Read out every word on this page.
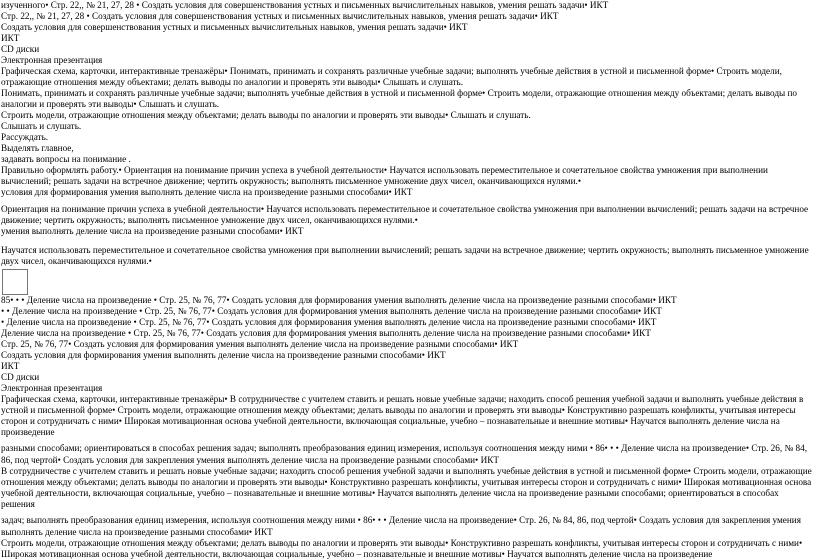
изученного• Стр. 22,, № 21, 27, 28 • Создать условия для совершенствования устных и письменных вычислительных навыков, умения решать задачи• ИКТ
Стр. 22,, № 21, 27, 28 • Создать условия для совершенствования устных и письменных вычислительных навыков, умения решать задачи• ИКТ
Создать условия для совершенствования устных и письменных вычислительных навыков, умения решать задачи• ИКТ
ИКТ
CD диски
Электронная презентация
Графическая схема, карточки, интерактивные тренажёры• Понимать, принимать и сохранять различные учебные задачи; выполнять учебные действия в устной и письменной форме• Строить модели, отражающие отношения между объектами; делать выводы по аналогии и проверять эти выводы• Слышать и слушать.
Понимать, принимать и сохранять различные учебные задачи; выполнять учебные действия в устной и письменной форме• Строить модели, отражающие отношения между объектами; делать выводы по аналогии и проверять эти выводы• Слышать и слушать.
Строить модели, отражающие отношения между объектами; делать выводы по аналогии и проверять эти выводы• Слышать и слушать.
Слышать и слушать.
Рассуждать.
Выделять главное,
задавать вопросы на понимание .
Правильно оформлять работу.• Ориентация на понимание причин успеха в учебной деятельности• Научатся использовать переместительное и сочетательное свойства умножения при выполнении вычислений; решать задачи на встречное движение; чертить окружность; выполнять письменное умножение двух чисел, оканчивающихся нулями.•
условия для формирования умения выполнять деление числа на произведение разными способами• ИКТ
Ориентация на понимание причин успеха в учебной деятельности• Научатся использовать переместительное и сочетательное свойства умножения при выполнении вычислений; решать задачи на встречное движение; чертить окружность; выполнять письменное умножение двух чисел, оканчивающихся нулями.•
умения выполнять деление числа на произведение разными способами• ИКТ
Научатся использовать переместительное и сочетательное свойства умножения при выполнении вычислений; решать задачи на встречное движение; чертить окружность; выполнять письменное умножение двух чисел, оканчивающихся нулями.•
85• • • Деление числа на произведение • Стр. 25, № 76, 77• Создать условия для формирования умения выполнять деление числа на произведение разными способами• ИКТ
• • Деление числа на произведение • Стр. 25, № 76, 77• Создать условия для формирования умения выполнять деление числа на произведение разными способами• ИКТ
• Деление числа на произведение • Стр. 25, № 76, 77• Создать условия для формирования умения выполнять деление числа на произведение разными способами• ИКТ
Деление числа на произведение • Стр. 25, № 76, 77• Создать условия для формирования умения выполнять деление числа на произведение разными способами• ИКТ
Стр. 25, № 76, 77• Создать условия для формирования умения выполнять деление числа на произведение разными способами• ИКТ
Создать условия для формирования умения выполнять деление числа на произведение разными способами• ИКТ
ИКТ
CD диски
Электронная презентация
Графическая схема, карточки, интерактивные тренажёры• В сотрудничестве с учителем ставить и решать новые учебные задачи; находить способ решения учебной задачи и выполнять учебные действия в устной и письменной форме• Строить модели, отражающие отношения между объектами; делать выводы по аналогии и проверять эти выводы• Конструктивно разрешать конфликты, учитывая интересы сторон и сотрудничать с ними• Широкая мотивационная основа учебной деятельности, включающая социальные, учебно – познавательные и внешние мотивы• Научатся выполнять деление числа на произведение
разными способами; ориентироваться в способах решения задач; выполнять преобразования единиц измерения, используя соотношения между ними • 86• • • Деление числа на произведение• Стр. 26, № 84,
86, под чертой• Создать условия для закрепления умения выполнять деление числа на произведение разными способами• ИКТ
В сотрудничестве с учителем ставить и решать новые учебные задачи; находить способ решения учебной задачи и выполнять учебные действия в устной и письменной форме• Строить модели, отражающие отношения между объектами; делать выводы по аналогии и проверять эти выводы• Конструктивно разрешать конфликты, учитывая интересы сторон и сотрудничать с ними• Широкая мотивационная основа учебной деятельности, включающая социальные, учебно – познавательные и внешние мотивы• Научатся выполнять деление числа на произведение разными способами; ориентироваться в способах решения
задач; выполнять преобразования единиц измерения, используя соотношения между ними • 86• • • Деление числа на произведение• Стр. 26, № 84, 86, под чертой• Создать условия для закрепления умения
выполнять деление числа на произведение разными способами• ИКТ
Строить модели, отражающие отношения между объектами; делать выводы по аналогии и проверять эти выводы• Конструктивно разрешать конфликты, учитывая интересы сторон и сотрудничать с ними• Широкая мотивационная основа учебной деятельности, включающая социальные, учебно – познавательные и внешние мотивы• Научатся выполнять деление числа на произведение
